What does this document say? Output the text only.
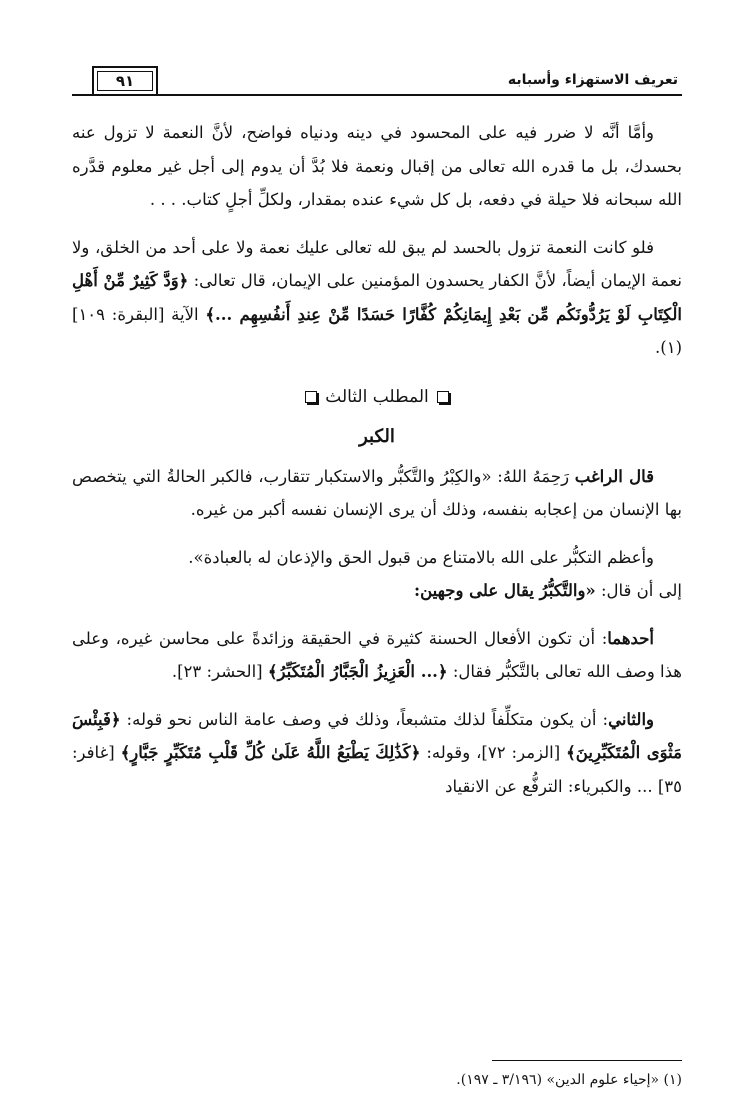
تعريف الاستهزاء وأسبابه
٩١

وأمَّا أنَّه لا ضرر فيه على المحسود في دينه ودنياه فواضح، لأنَّ النعمة لا تزول عنه بحسدك، بل ما قدره الله تعالى من إقبال ونعمة فلا بُدَّ أن يدوم إلى أجل غير معلوم قدَّره الله سبحانه فلا حيلة في دفعه، بل كل شيء عنده بمقدار، ولكلِّ أجلٍ كتاب. . . .

فلو كانت النعمة تزول بالحسد لم يبق لله تعالى عليك نعمة ولا على أحد من الخلق، ولا نعمة الإيمان أيضاً، لأنَّ الكفار يحسدون المؤمنين على الإيمان، قال تعالى: ﴿وَدَّ كَثِيرٌ مِّنْ أَهْلِ الْكِتَابِ لَوْ يَرُدُّونَكُم مِّن بَعْدِ إِيمَانِكُمْ كُفَّارًا حَسَدًا مِّنْ عِندِ أَنفُسِهِم ...﴾ الآية [البقرة: ١٠٩](١).

المطلب الثالث
الكبر

قال الراغب رَحِمَهُ اللهُ: «والكِبْرُ والتَّكبُّر والاستكبار تتقارب، فالكبر الحالةُ التي يتخصص بها الإنسان من إعجابه بنفسه، وذلك أن يرى الإنسان نفسه أكبر من غيره.

وأعظم التكبُّر على الله بالامتناع من قبول الحق والإذعان له بالعبادة».

إلى أن قال: «والتَّكبُّرُ يقال على وجهين:

أحدهما: أن تكون الأفعال الحسنة كثيرة في الحقيقة وزائدةً على محاسن غيره، وعلى هذا وصف الله تعالى بالتَّكبُّر فقال: ﴿... الْعَزِيزُ الْجَبَّارُ الْمُتَكَبِّرُ﴾ [الحشر: ٢٣].

والثاني: أن يكون متكلِّفاً لذلك متشبعاً، وذلك في وصف عامة الناس نحو قوله: ﴿فَبِئْسَ مَثْوَى الْمُتَكَبِّرِينَ﴾ [الزمر: ٧٢]، وقوله: ﴿كَذَٰلِكَ يَطْبَعُ اللَّهُ عَلَىٰ كُلِّ قَلْبِ مُتَكَبِّرٍ جَبَّارٍ﴾ [غافر: ٣٥] ... والكبرياء: الترفُّع عن الانقياد

(١) «إحياء علوم الدين» (٣/١٩٦ ـ ١٩٧).
